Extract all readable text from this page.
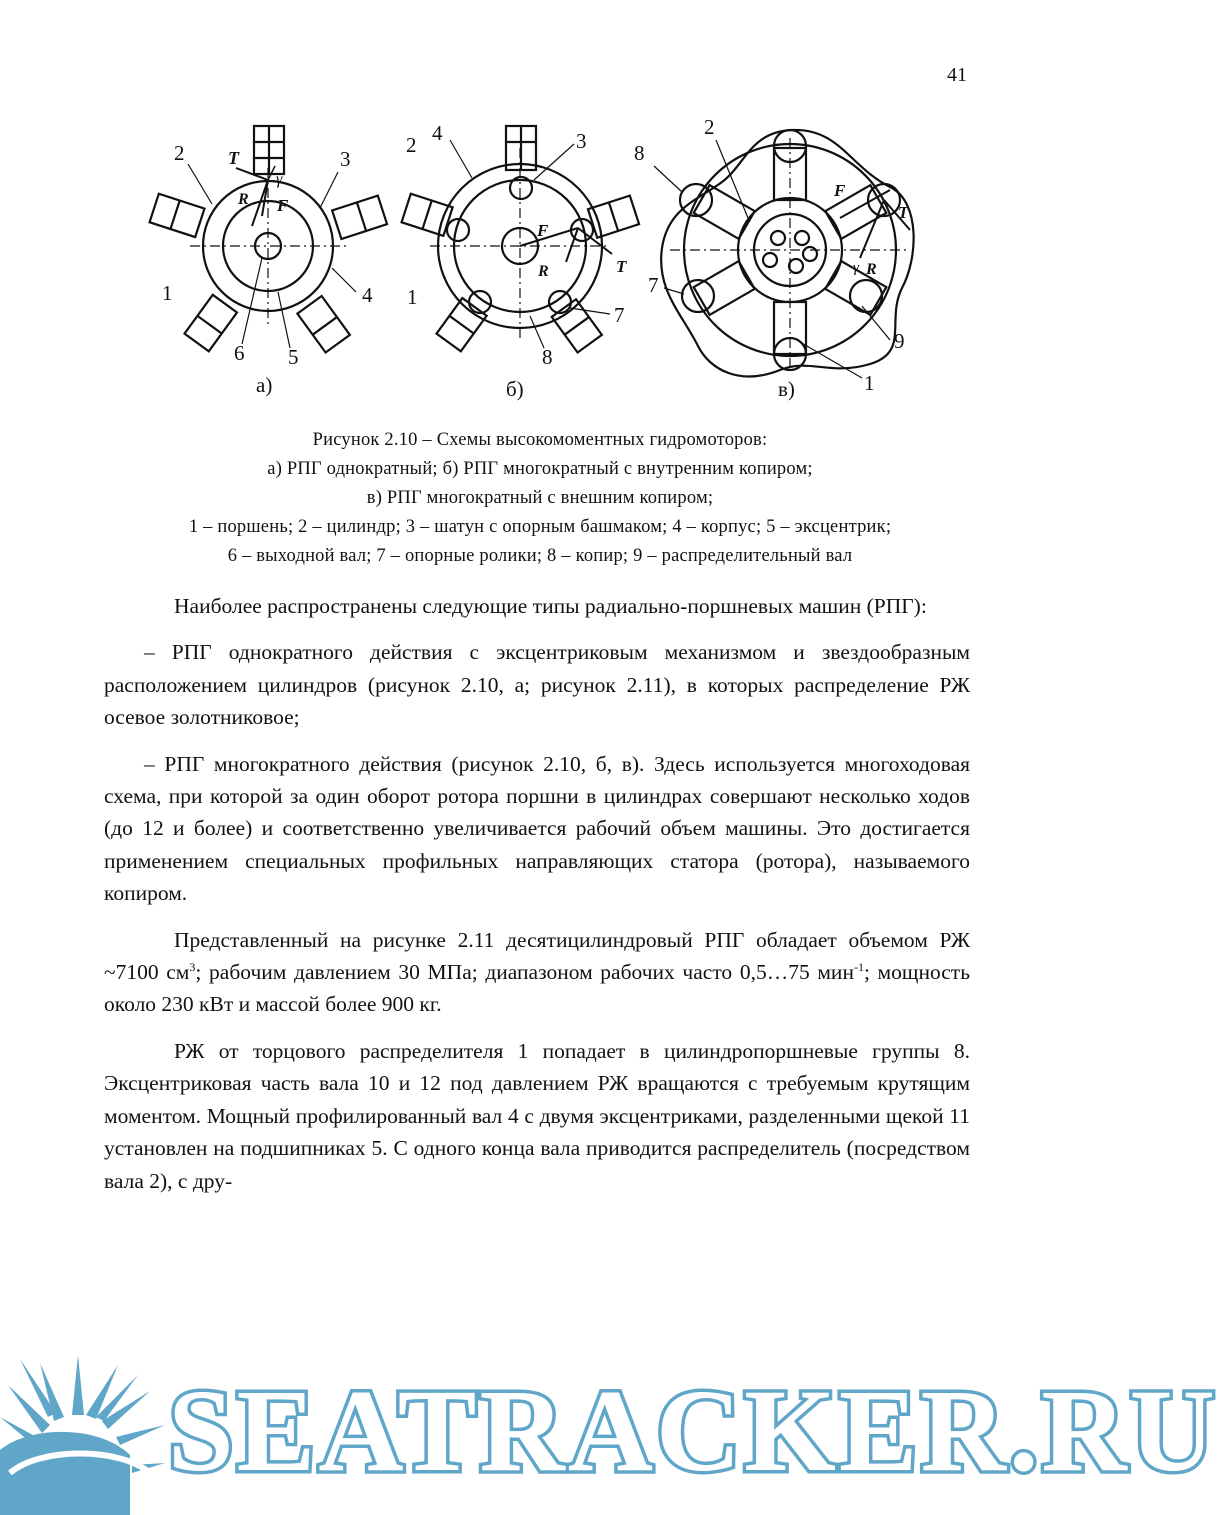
41
T
γ
R F
2	3
1	4
6 5
а)
F
R	T
2 4	3
1
7
8
б)
F
T
γ R
2
8
7
9
1
в)
Рисунок 2.10 – Схемы высокомоментных гидромоторов:
а) РПГ однократный; б) РПГ многократный с внутренним копиром;
в) РПГ многократный с внешним копиром;
1 – поршень; 2 – цилиндр; 3 – шатун с опорным башмаком; 4 – корпус; 5 – эксцентрик;
6 – выходной вал; 7 – опорные ролики; 8 – копир; 9 – распределительный вал

Наиболее распространены следующие типы радиально-поршневых машин (РПГ):

– РПГ однократного действия с эксцентриковым механизмом и звездообразным расположением цилиндров (рисунок 2.10, а; рисунок 2.11), в которых распределение РЖ осевое золотниковое;

– РПГ многократного действия (рисунок 2.10, б, в). Здесь используется многоходовая схема, при которой за один оборот ротора поршни в цилиндрах совершают несколько ходов (до 12 и более) и соответственно увеличивается рабочий объем машины. Это достигается применением специальных профильных направляющих статора (ротора), называемого копиром.

Представленный на рисунке 2.11 десятицилиндровый РПГ обладает объемом РЖ ~7100 $см^3$; рабочим давлением 30 МПа; диапазоном рабочих часто 0,5…75 мин$^{-1}$; мощность около 230 кВт и массой более 900 кг.

РЖ от торцового распределителя 1 попадает в цилиндропоршневые группы 8. Эксцентриковая часть вала 10 и 12 под давлением РЖ вращаются с требуемым крутящим моментом. Мощный профилированный вал 4 с двумя эксцентриками, разделенными щекой 11 установлен на подшипниках 5. С одного конца вала приводится распределитель (посредством вала 2), с дру-

SEATRACKER.RU
